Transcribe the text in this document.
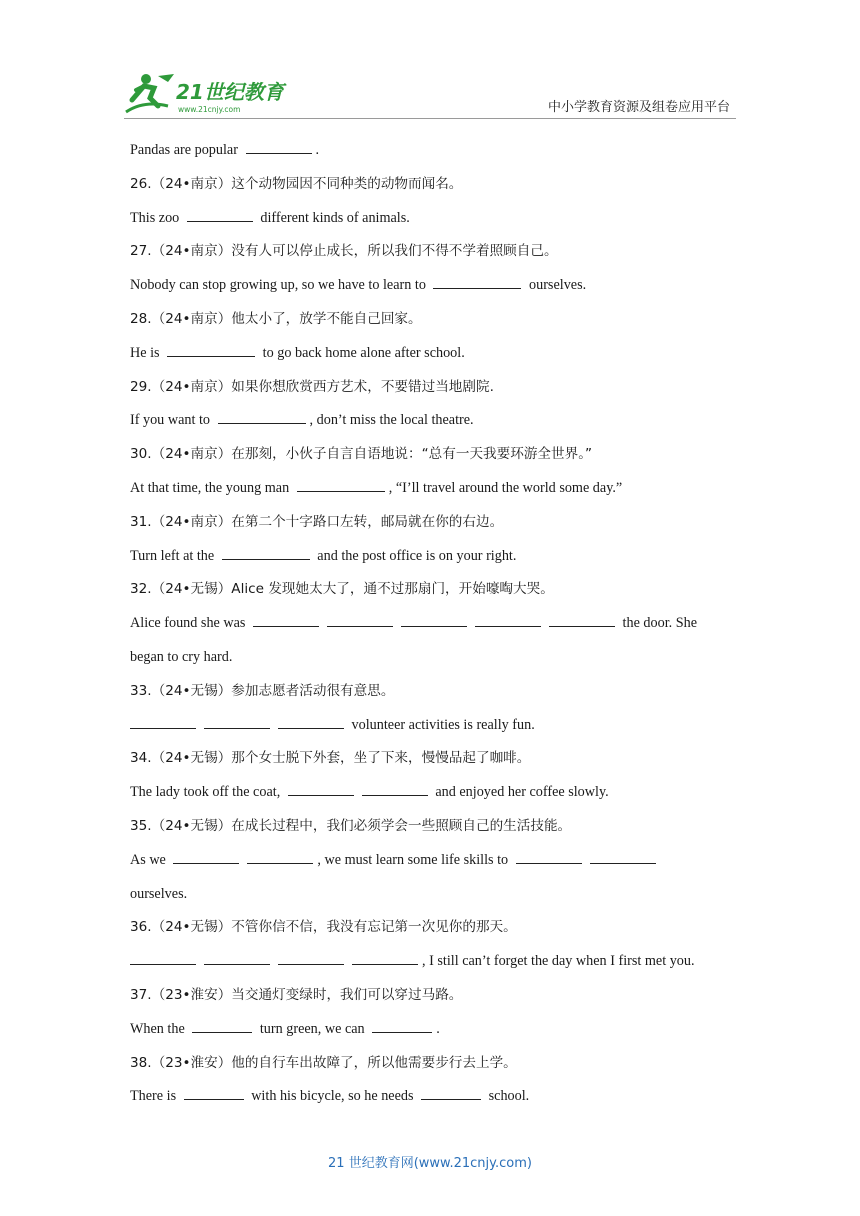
21世纪教育
www.21cnjy.com	中小学教育资源及组卷应用平台
Pandas are popular	.
26.（24•南京）这个动物园因不同种类的动物而闻名。
This zoo	different kinds of animals.
27.（24•南京）没有人可以停止成长，所以我们不得不学着照顾自己。
Nobody can stop growing up, so we have to learn to	ourselves.
28.（24•南京）他太小了，放学不能自己回家。
He is	to go back home alone after school.
29.（24•南京）如果你想欣赏西方艺术，不要错过当地剧院.
If you want to	, don’t miss the local theatre.
30.（24•南京）在那刻，小伙子自言自语地说：“总有一天我要环游全世界。”
At that time, the young man	, “I’ll travel around the world some day.”
31.（24•南京）在第二个十字路口左转，邮局就在你的右边。
Turn left at the	and the post office is on your right.
32.（24•无锡）Alice 发现她太大了，通不过那扇门，开始嚎啕大哭。
Alice found she was	the door. She
began to cry hard.
33.（24•无锡）参加志愿者活动很有意思。
volunteer activities is really fun.
34.（24•无锡）那个女士脱下外套，坐了下来，慢慢品起了咖啡。
The lady took off the coat,	and enjoyed her coffee slowly.
35.（24•无锡）在成长过程中，我们必须学会一些照顾自己的生活技能。
As we	, we must learn some life skills to
ourselves.
36.（24•无锡）不管你信不信，我没有忘记第一次见你的那天。
, I still can’t forget the day when I first met you.
37.（23•淮安）当交通灯变绿时，我们可以穿过马路。
When the	turn green, we can	.
38.（23•淮安）他的自行车出故障了，所以他需要步行去上学。
There is	with his bicycle, so he needs	school.
21 世纪教育网(www.21cnjy.com)
